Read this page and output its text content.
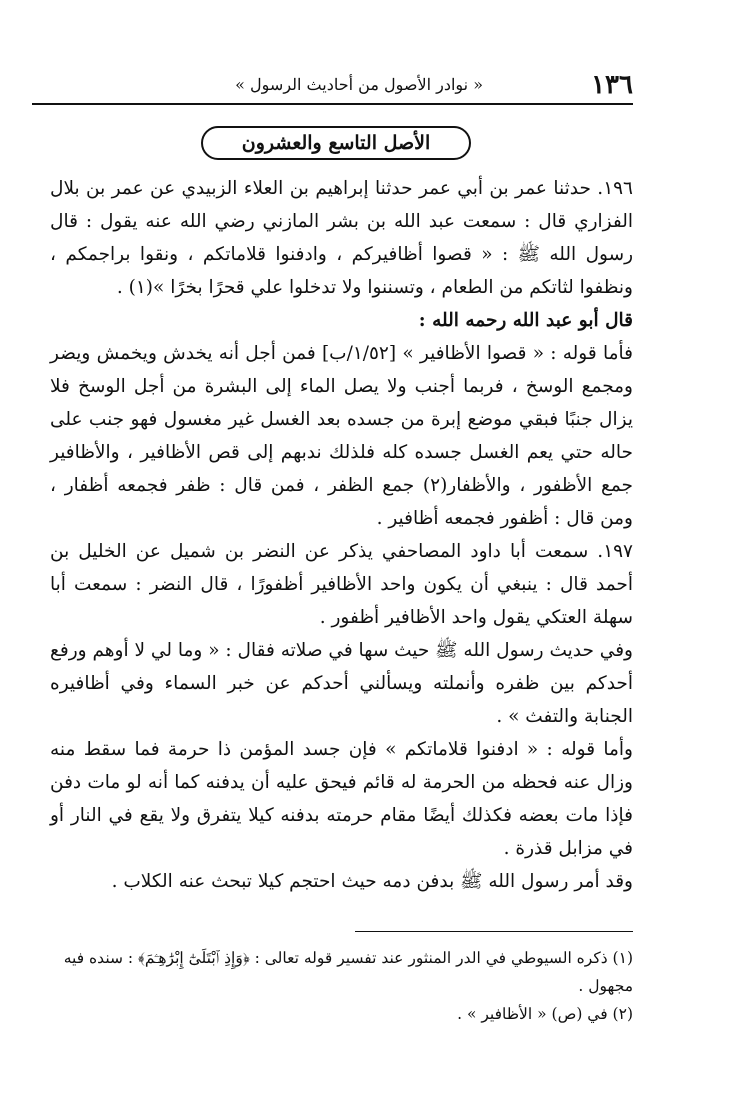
١٣٦
« نوادر الأصول من أحاديث الرسول »
الأصل التاسع والعشرون

١٩٦. حدثنا عمر بن أبي عمر حدثنا إبراهيم بن العلاء الزبيدي عن عمر بن بلال الفزاري قال : سمعت عبد الله بن بشر المازني رضي الله عنه يقول : قال رسول الله ﷺ : « قصوا أظافيركم ، وادفنوا قلاماتكم ، ونقوا براجمكم ، ونظفوا لثاتكم من الطعام ، وتسننوا ولا تدخلوا علي قحرًا بخرًا »(١) .

قال أبو عبد الله رحمه الله :

فأما قوله : « قصوا الأظافير » [١/٥٢/ب] فمن أجل أنه يخدش ويخمش ويضر ومجمع الوسخ ، فربما أجنب ولا يصل الماء إلى البشرة من أجل الوسخ فلا يزال جنبًا فبقي موضع إبرة من جسده بعد الغسل غير مغسول فهو جنب على حاله حتي يعم الغسل جسده كله فلذلك ندبهم إلى قص الأظافير ، والأظافير جمع الأظفور ، والأظفار(٢) جمع الظفر ، فمن قال : ظفر فجمعه أظفار ، ومن قال : أظفور فجمعه أظافير .

١٩٧. سمعت أبا داود المصاحفي يذكر عن النضر بن شميل عن الخليل بن أحمد قال : ينبغي أن يكون واحد الأظافير أظفورًا ، قال النضر : سمعت أبا سهلة العتكي يقول واحد الأظافير أظفور .

وفي حديث رسول الله ﷺ حيث سها في صلاته فقال : « وما لي لا أوهم ورفع أحدكم بين ظفره وأنملته ويسألني أحدكم عن خبر السماء وفي أظافيره الجنابة والتفث » .

وأما قوله : « ادفنوا قلاماتكم » فإن جسد المؤمن ذا حرمة فما سقط منه وزال عنه فحظه من الحرمة له قائم فيحق عليه أن يدفنه كما أنه لو مات دفن فإذا مات بعضه فكذلك أيضًا مقام حرمته بدفنه كيلا يتفرق ولا يقع في النار أو في مزابل قذرة .

وقد أمر رسول الله ﷺ بدفن دمه حيث احتجم كيلا تبحث عنه الكلاب .

(١) ذكره السيوطي في الدر المنثور عند تفسير قوله تعالى : ﴿وَإِذِ ٱبْتَلَىٰٓ إِبْرَٰهِـۧمَ﴾ : سنده فيه مجهول .

(٢) في (ص) « الأظافير » .
